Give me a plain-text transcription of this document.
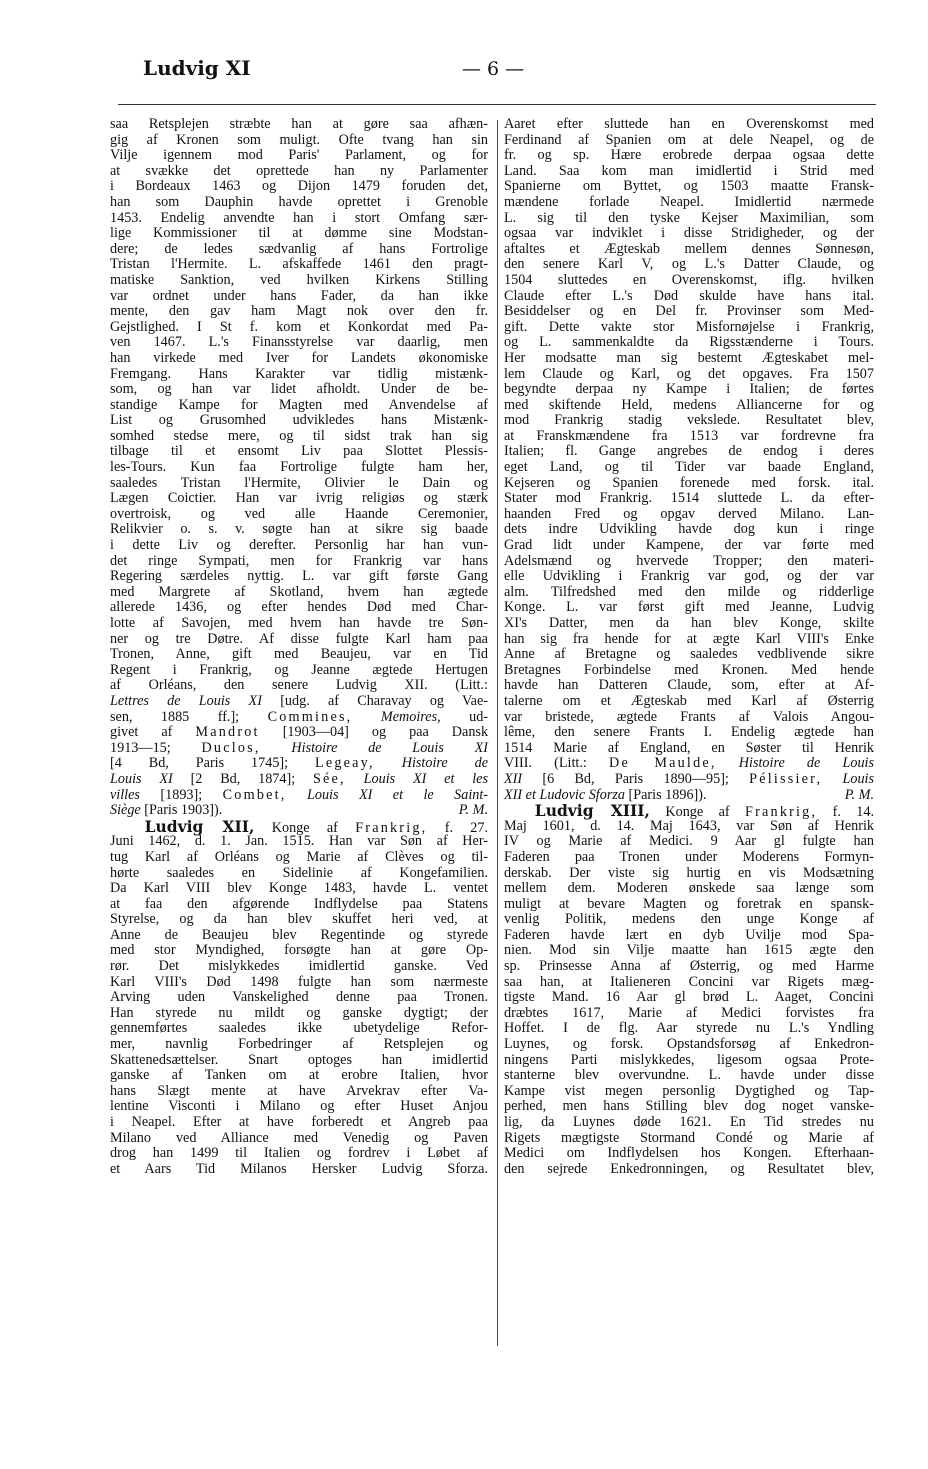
Ludvig XI	— 6 —
saa Retsplejen stræbte han at gøre saa afhæn-
gig af Kronen som muligt. Ofte tvang han sin
Vilje igennem mod Paris' Parlament, og for
at svække det oprettede han ny Parlamenter
i Bordeaux 1463 og Dijon 1479 foruden det,
han som Dauphin havde oprettet i Grenoble
1453. Endelig anvendte han i stort Omfang sær-
lige Kommissioner til at dømme sine Modstan-
dere; de ledes sædvanlig af hans Fortrolige
Tristan l'Hermite. L. afskaffede 1461 den pragt-
matiske Sanktion, ved hvilken Kirkens Stilling
var ordnet under hans Fader, da han ikke
mente, den gav ham Magt nok over den fr.
Gejstlighed. I St f. kom et Konkordat med Pa-
ven 1467. L.'s Finansstyrelse var daarlig, men
han virkede med Iver for Landets økonomiske
Fremgang. Hans Karakter var tidlig mistænk-
som, og han var lidet afholdt. Under de be-
standige Kampe for Magten med Anvendelse af
List og Grusomhed udvikledes hans Mistænk-
somhed stedse mere, og til sidst trak han sig
tilbage til et ensomt Liv paa Slottet Plessis-
les-Tours. Kun faa Fortrolige fulgte ham her,
saaledes Tristan l'Hermite, Olivier le Dain og
Lægen Coictier. Han var ivrig religiøs og stærk
overtroisk, og ved alle Haande Ceremonier,
Relikvier o. s. v. søgte han at sikre sig baade
i dette Liv og derefter. Personlig har han vun-
det ringe Sympati, men for Frankrig var hans
Regering særdeles nyttig. L. var gift første Gang
med Margrete af Skotland, hvem han ægtede
allerede 1436, og efter hendes Død med Char-
lotte af Savojen, med hvem han havde tre Søn-
ner og tre Døtre. Af disse fulgte Karl ham paa
Tronen, Anne, gift med Beaujeu, var en Tid
Regent i Frankrig, og Jeanne ægtede Hertugen
af Orléans, den senere Ludvig XII. (Litt.:
Lettres de Louis XI [udg. af Charavay og Vae-
sen, 1885 ff.]; Commines, Memoires, ud-
givet af Mandrot [1903—04] og paa Dansk
1913—15; Duclos, Histoire de Louis XI
[4 Bd, Paris 1745]; Legeay, Histoire de
Louis XI [2 Bd, 1874]; Sée, Louis XI et les
villes [1893]; Combet, Louis XI et le Saint-
Siège [Paris 1903]).	P. M.
Ludvig XII, Konge af Frankrig, f. 27.
Juni 1462, d. 1. Jan. 1515. Han var Søn af Her-
tug Karl af Orléans og Marie af Clèves og til-
hørte saaledes en Sidelinie af Kongefamilien.
Da Karl VIII blev Konge 1483, havde L. ventet
at faa den afgørende Indflydelse paa Statens
Styrelse, og da han blev skuffet heri ved, at
Anne de Beaujeu blev Regentinde og styrede
med stor Myndighed, forsøgte han at gøre Op-
rør. Det mislykkedes imidlertid ganske. Ved
Karl VIII's Død 1498 fulgte han som nærmeste
Arving uden Vanskelighed denne paa Tronen.
Han styrede nu mildt og ganske dygtigt; der
gennemførtes saaledes ikke ubetydelige Refor-
mer, navnlig Forbedringer af Retsplejen og
Skattenedsættelser. Snart optoges han imidlertid
ganske af Tanken om at erobre Italien, hvor
hans Slægt mente at have Arvekrav efter Va-
lentine Visconti i Milano og efter Huset Anjou
i Neapel. Efter at have forberedt et Angreb paa
Milano ved Alliance med Venedig og Paven
drog han 1499 til Italien og fordrev i Løbet af
et Aars Tid Milanos Hersker Ludvig Sforza.
Aaret efter sluttede han en Overenskomst med
Ferdinand af Spanien om at dele Neapel, og de
fr. og sp. Hære erobrede derpaa ogsaa dette
Land. Saa kom man imidlertid i Strid med
Spanierne om Byttet, og 1503 maatte Fransk-
mændene forlade Neapel. Imidlertid nærmede
L. sig til den tyske Kejser Maximilian, som
ogsaa var indviklet i disse Stridigheder, og der
aftaltes et Ægteskab mellem dennes Sønnesøn,
den senere Karl V, og L.'s Datter Claude, og
1504 sluttedes en Overenskomst, iflg. hvilken
Claude efter L.'s Død skulde have hans ital.
Besiddelser og en Del fr. Provinser som Med-
gift. Dette vakte stor Misfornøjelse i Frankrig,
og L. sammenkaldte da Rigsstænderne i Tours.
Her modsatte man sig bestemt Ægteskabet mel-
lem Claude og Karl, og det opgaves. Fra 1507
begyndte derpaa ny Kampe i Italien; de førtes
med skiftende Held, medens Alliancerne for og
mod Frankrig stadig vekslede. Resultatet blev,
at Franskmændene fra 1513 var fordrevne fra
Italien; fl. Gange angrebes de endog i deres
eget Land, og til Tider var baade England,
Kejseren og Spanien forenede med forsk. ital.
Stater mod Frankrig. 1514 sluttede L. da efter-
haanden Fred og opgav derved Milano. Lan-
dets indre Udvikling havde dog kun i ringe
Grad lidt under Kampene, der var førte med
Adelsmænd og hvervede Tropper; den materi-
elle Udvikling i Frankrig var god, og der var
alm. Tilfredshed med den milde og ridderlige
Konge. L. var først gift med Jeanne, Ludvig
XI's Datter, men da han blev Konge, skilte
han sig fra hende for at ægte Karl VIII's Enke
Anne af Bretagne og saaledes vedblivende sikre
Bretagnes Forbindelse med Kronen. Med hende
havde han Datteren Claude, som, efter at Af-
talerne om et Ægteskab med Karl af Østerrig
var bristede, ægtede Frants af Valois Angou-
lême, den senere Frants I. Endelig ægtede han
1514 Marie af England, en Søster til Henrik
VIII. (Litt.: De Maulde, Histoire de Louis
XII [6 Bd, Paris 1890—95]; Pélissier, Louis
XII et Ludovic Sforza [Paris 1896]).	P. M.
Ludvig XIII, Konge af Frankrig, f. 14.
Maj 1601, d. 14. Maj 1643, var Søn af Henrik
IV og Marie af Medici. 9 Aar gl fulgte han
Faderen paa Tronen under Moderens Formyn-
derskab. Der viste sig hurtig en vis Modsætning
mellem dem. Moderen ønskede saa længe som
muligt at bevare Magten og foretrak en spansk-
venlig Politik, medens den unge Konge af
Faderen havde lært en dyb Uvilje mod Spa-
nien. Mod sin Vilje maatte han 1615 ægte den
sp. Prinsesse Anna af Østerrig, og med Harme
saa han, at Italieneren Concini var Rigets mæg-
tigste Mand. 16 Aar gl brød L. Aaget, Concini
dræbtes 1617, Marie af Medici forvistes fra
Hoffet. I de flg. Aar styrede nu L.'s Yndling
Luynes, og forsk. Opstandsforsøg af Enkedron-
ningens Parti mislykkedes, ligesom ogsaa Prote-
stanterne blev overvundne. L. havde under disse
Kampe vist megen personlig Dygtighed og Tap-
perhed, men hans Stilling blev dog noget vanske-
lig, da Luynes døde 1621. En Tid stredes nu
Rigets mægtigste Stormand Condé og Marie af
Medici om Indflydelsen hos Kongen. Efterhaan-
den sejrede Enkedronningen, og Resultatet blev,
